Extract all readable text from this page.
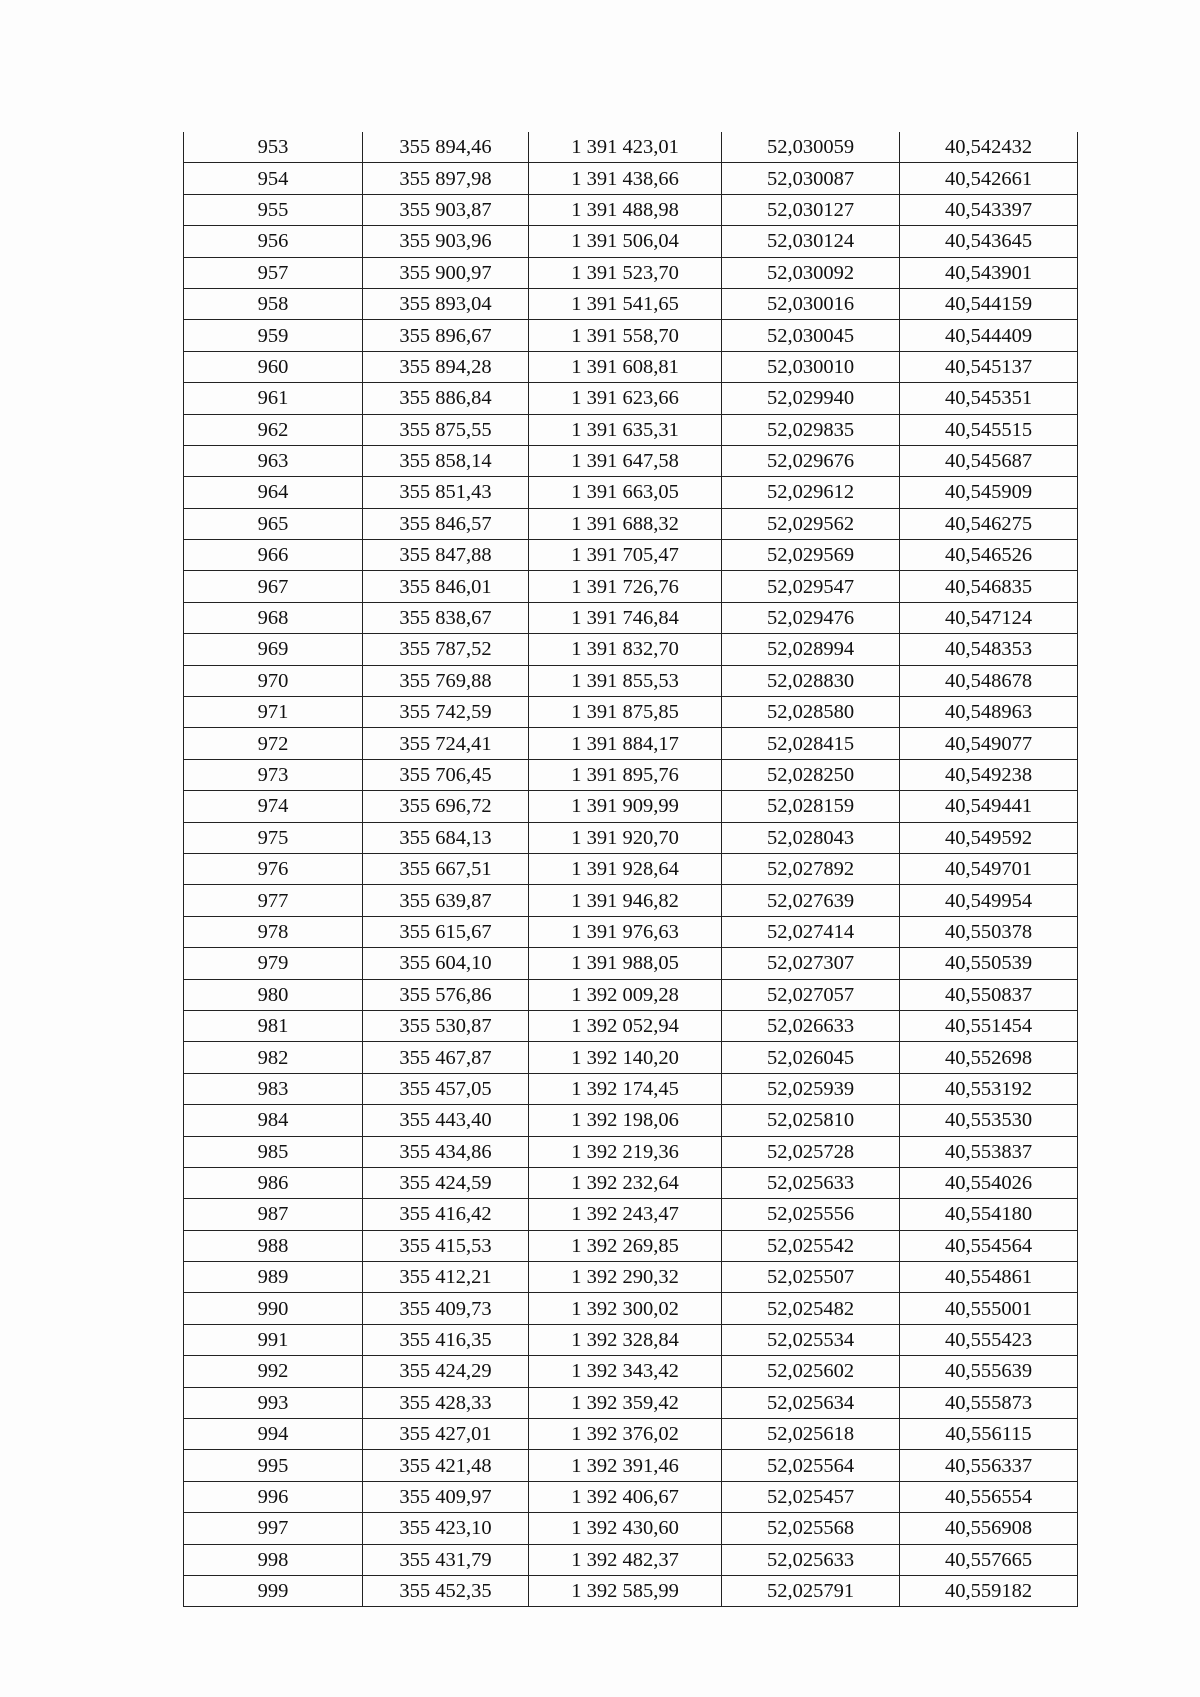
953	355 894,46	1 391 423,01	52,030059	40,542432
954	355 897,98	1 391 438,66	52,030087	40,542661
955	355 903,87	1 391 488,98	52,030127	40,543397
956	355 903,96	1 391 506,04	52,030124	40,543645
957	355 900,97	1 391 523,70	52,030092	40,543901
958	355 893,04	1 391 541,65	52,030016	40,544159
959	355 896,67	1 391 558,70	52,030045	40,544409
960	355 894,28	1 391 608,81	52,030010	40,545137
961	355 886,84	1 391 623,66	52,029940	40,545351
962	355 875,55	1 391 635,31	52,029835	40,545515
963	355 858,14	1 391 647,58	52,029676	40,545687
964	355 851,43	1 391 663,05	52,029612	40,545909
965	355 846,57	1 391 688,32	52,029562	40,546275
966	355 847,88	1 391 705,47	52,029569	40,546526
967	355 846,01	1 391 726,76	52,029547	40,546835
968	355 838,67	1 391 746,84	52,029476	40,547124
969	355 787,52	1 391 832,70	52,028994	40,548353
970	355 769,88	1 391 855,53	52,028830	40,548678
971	355 742,59	1 391 875,85	52,028580	40,548963
972	355 724,41	1 391 884,17	52,028415	40,549077
973	355 706,45	1 391 895,76	52,028250	40,549238
974	355 696,72	1 391 909,99	52,028159	40,549441
975	355 684,13	1 391 920,70	52,028043	40,549592
976	355 667,51	1 391 928,64	52,027892	40,549701
977	355 639,87	1 391 946,82	52,027639	40,549954
978	355 615,67	1 391 976,63	52,027414	40,550378
979	355 604,10	1 391 988,05	52,027307	40,550539
980	355 576,86	1 392 009,28	52,027057	40,550837
981	355 530,87	1 392 052,94	52,026633	40,551454
982	355 467,87	1 392 140,20	52,026045	40,552698
983	355 457,05	1 392 174,45	52,025939	40,553192
984	355 443,40	1 392 198,06	52,025810	40,553530
985	355 434,86	1 392 219,36	52,025728	40,553837
986	355 424,59	1 392 232,64	52,025633	40,554026
987	355 416,42	1 392 243,47	52,025556	40,554180
988	355 415,53	1 392 269,85	52,025542	40,554564
989	355 412,21	1 392 290,32	52,025507	40,554861
990	355 409,73	1 392 300,02	52,025482	40,555001
991	355 416,35	1 392 328,84	52,025534	40,555423
992	355 424,29	1 392 343,42	52,025602	40,555639
993	355 428,33	1 392 359,42	52,025634	40,555873
994	355 427,01	1 392 376,02	52,025618	40,556115
995	355 421,48	1 392 391,46	52,025564	40,556337
996	355 409,97	1 392 406,67	52,025457	40,556554
997	355 423,10	1 392 430,60	52,025568	40,556908
998	355 431,79	1 392 482,37	52,025633	40,557665
999	355 452,35	1 392 585,99	52,025791	40,559182
